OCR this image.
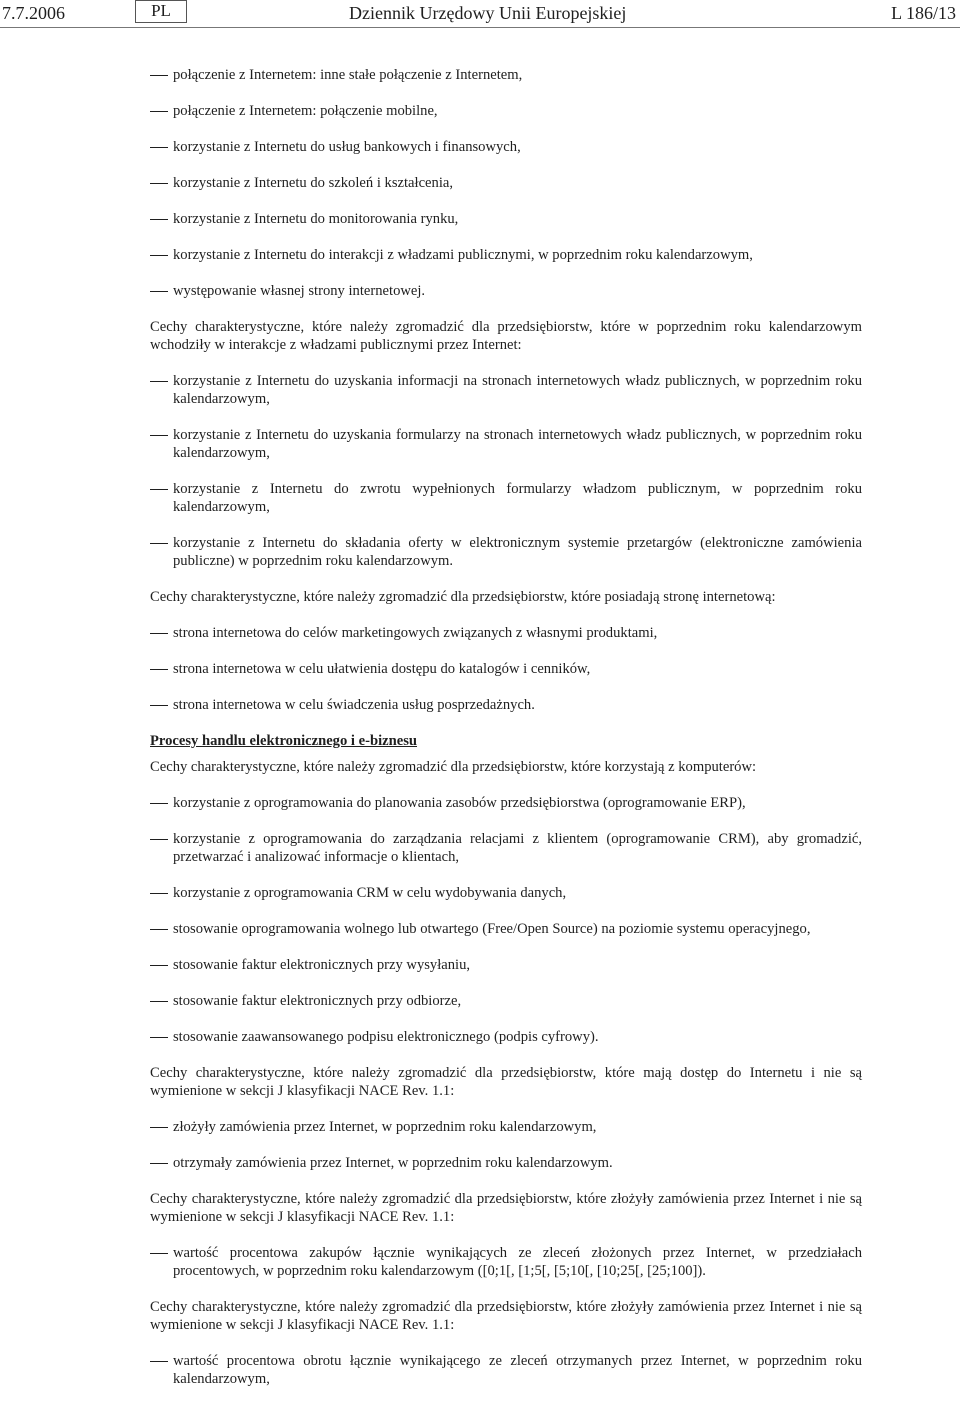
7.7.2006	PL	Dziennik Urzędowy Unii Europejskiej	L 186/13
połączenie z Internetem: inne stałe połączenie z Internetem,
połączenie z Internetem: połączenie mobilne,
korzystanie z Internetu do usług bankowych i finansowych,
korzystanie z Internetu do szkoleń i kształcenia,
korzystanie z Internetu do monitorowania rynku,
korzystanie z Internetu do interakcji z władzami publicznymi, w poprzednim roku kalendarzowym,
występowanie własnej strony internetowej.
Cechy charakterystyczne, które należy zgromadzić dla przedsiębiorstw, które w poprzednim roku kalendarzowym wchodziły w interakcje z władzami publicznymi przez Internet:
korzystanie z Internetu do uzyskania informacji na stronach internetowych władz publicznych, w poprzednim roku kalendarzowym,
korzystanie z Internetu do uzyskania formularzy na stronach internetowych władz publicznych, w poprzednim roku kalendarzowym,
korzystanie z Internetu do zwrotu wypełnionych formularzy władzom publicznym, w poprzednim roku kalendarzowym,
korzystanie z Internetu do składania oferty w elektronicznym systemie przetargów (elektroniczne zamówienia publiczne) w poprzednim roku kalendarzowym.
Cechy charakterystyczne, które należy zgromadzić dla przedsiębiorstw, które posiadają stronę internetową:
strona internetowa do celów marketingowych związanych z własnymi produktami,
strona internetowa w celu ułatwienia dostępu do katalogów i cenników,
strona internetowa w celu świadczenia usług posprzedażnych.
Procesy handlu elektronicznego i e-biznesu
Cechy charakterystyczne, które należy zgromadzić dla przedsiębiorstw, które korzystają z komputerów:
korzystanie z oprogramowania do planowania zasobów przedsiębiorstwa (oprogramowanie ERP),
korzystanie z oprogramowania do zarządzania relacjami z klientem (oprogramowanie CRM), aby gromadzić, przetwarzać i analizować informacje o klientach,
korzystanie z oprogramowania CRM w celu wydobywania danych,
stosowanie oprogramowania wolnego lub otwartego (Free/Open Source) na poziomie systemu operacyjnego,
stosowanie faktur elektronicznych przy wysyłaniu,
stosowanie faktur elektronicznych przy odbiorze,
stosowanie zaawansowanego podpisu elektronicznego (podpis cyfrowy).
Cechy charakterystyczne, które należy zgromadzić dla przedsiębiorstw, które mają dostęp do Internetu i nie są wymienione w sekcji J klasyfikacji NACE Rev. 1.1:
złożyły zamówienia przez Internet, w poprzednim roku kalendarzowym,
otrzymały zamówienia przez Internet, w poprzednim roku kalendarzowym.
Cechy charakterystyczne, które należy zgromadzić dla przedsiębiorstw, które złożyły zamówienia przez Internet i nie są wymienione w sekcji J klasyfikacji NACE Rev. 1.1:
wartość procentowa zakupów łącznie wynikających ze zleceń złożonych przez Internet, w przedziałach procentowych, w poprzednim roku kalendarzowym ([0;1[, [1;5[, [5;10[, [10;25[, [25;100]).
Cechy charakterystyczne, które należy zgromadzić dla przedsiębiorstw, które złożyły zamówienia przez Internet i nie są wymienione w sekcji J klasyfikacji NACE Rev. 1.1:
wartość procentowa obrotu łącznie wynikającego ze zleceń otrzymanych przez Internet, w poprzednim roku kalendarzowym,
